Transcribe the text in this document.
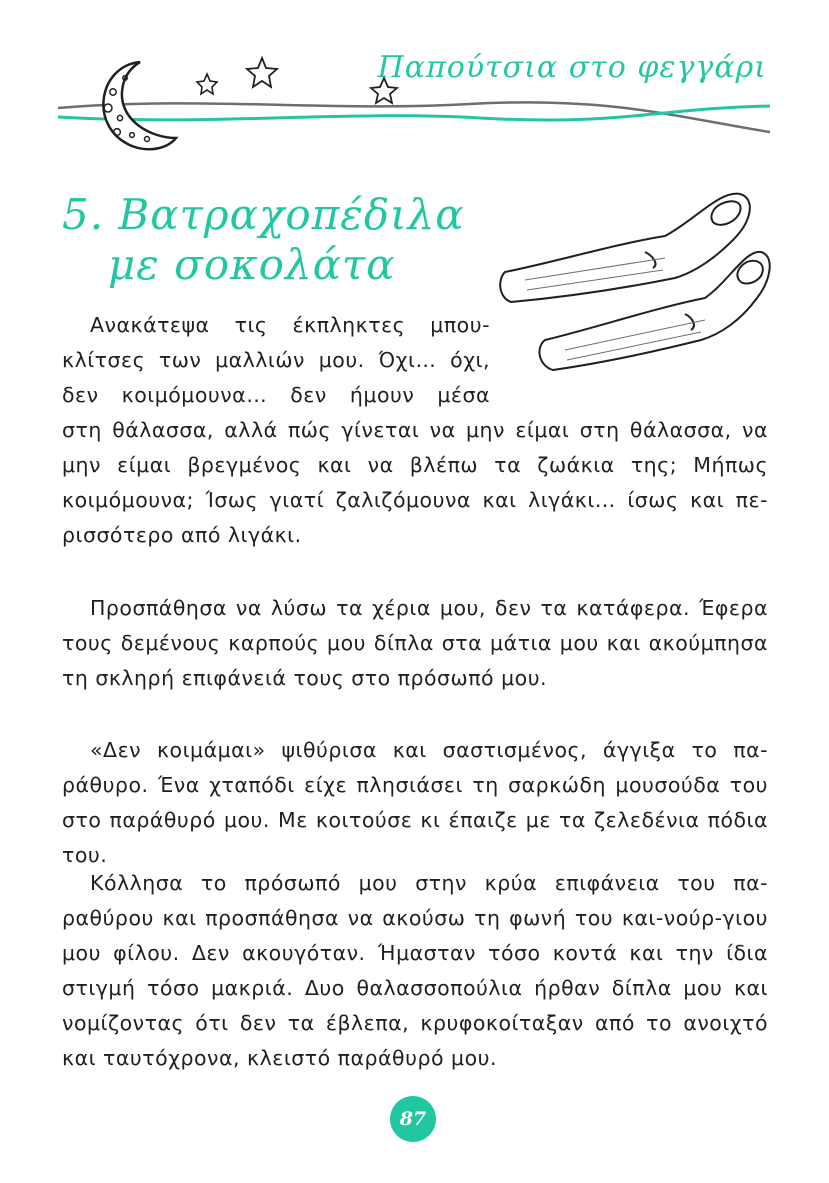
Παπούτσια στο φεγγάρι
5. Βατραχοπέδιλα
με σοκολάτα

Ανακάτεψα τις έκπληκτες μπου-κλίτσες των μαλλιών μου. Όχι… όχι, δεν κοιμόμουνα… δεν ήμουν μέσα

στη θάλασσα, αλλά πώς γίνεται να μην είμαι στη θάλασσα, να μην είμαι βρεγμένος και να βλέπω τα ζωάκια της; Μήπως κοιμόμουνα; Ίσως γιατί ζαλιζόμουνα και λιγάκι… ίσως και πε-ρισσότερο από λιγάκι.

Προσπάθησα να λύσω τα χέρια μου, δεν τα κατάφερα. Έφερα τους δεμένους καρπούς μου δίπλα στα μάτια μου και ακούμπησα τη σκληρή επιφάνειά τους στο πρόσωπό μου.

«Δεν κοιμάμαι» ψιθύρισα και σαστισμένος, άγγιξα το πα-ράθυρο. Ένα χταπόδι είχε πλησιάσει τη σαρκώδη μουσούδα του στο παράθυρό μου. Με κοιτούσε κι έπαιζε με τα ζελεδένια πόδια του.

Κόλλησα το πρόσωπό μου στην κρύα επιφάνεια του πα-ραθύρου και προσπάθησα να ακούσω τη φωνή του και-νούρ-γιου μου φίλου. Δεν ακουγόταν. Ήμασταν τόσο κοντά και την ίδια στιγμή τόσο μακριά. Δυο θαλασσοπούλια ήρθαν δίπλα μου και νομίζοντας ότι δεν τα έβλεπα, κρυφοκοίταξαν από το ανοιχτό και ταυτόχρονα, κλειστό παράθυρό μου.

87
